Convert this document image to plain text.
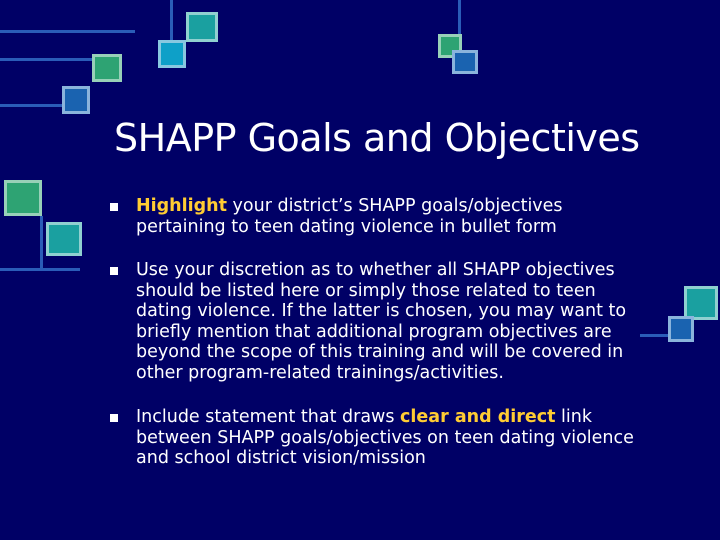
SHAPP Goals and Objectives
Highlight your district’s SHAPP goals/objectives pertaining to teen dating violence in bullet form
Use your discretion as to whether all SHAPP objectives should be listed here or simply those related to teen dating violence. If the latter is chosen, you may want to briefly mention that additional program objectives are beyond the scope of this training and will be covered in other program-related trainings/activities.
Include statement that draws clear and direct link between SHAPP goals/objectives on teen dating violence and school district vision/mission
